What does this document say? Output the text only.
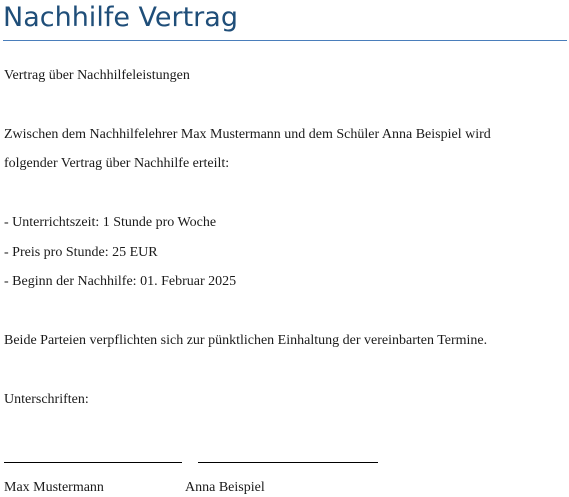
Nachhilfe Vertrag
Vertrag über Nachhilfeleistungen
Zwischen dem Nachhilfelehrer Max Mustermann und dem Schüler Anna Beispiel wird
folgender Vertrag über Nachhilfe erteilt:
- Unterrichtszeit: 1 Stunde pro Woche
- Preis pro Stunde: 25 EUR
- Beginn der Nachhilfe: 01. Februar 2025
Beide Parteien verpflichten sich zur pünktlichen Einhaltung der vereinbarten Termine.
Unterschriften:
Max Mustermann	Anna Beispiel
